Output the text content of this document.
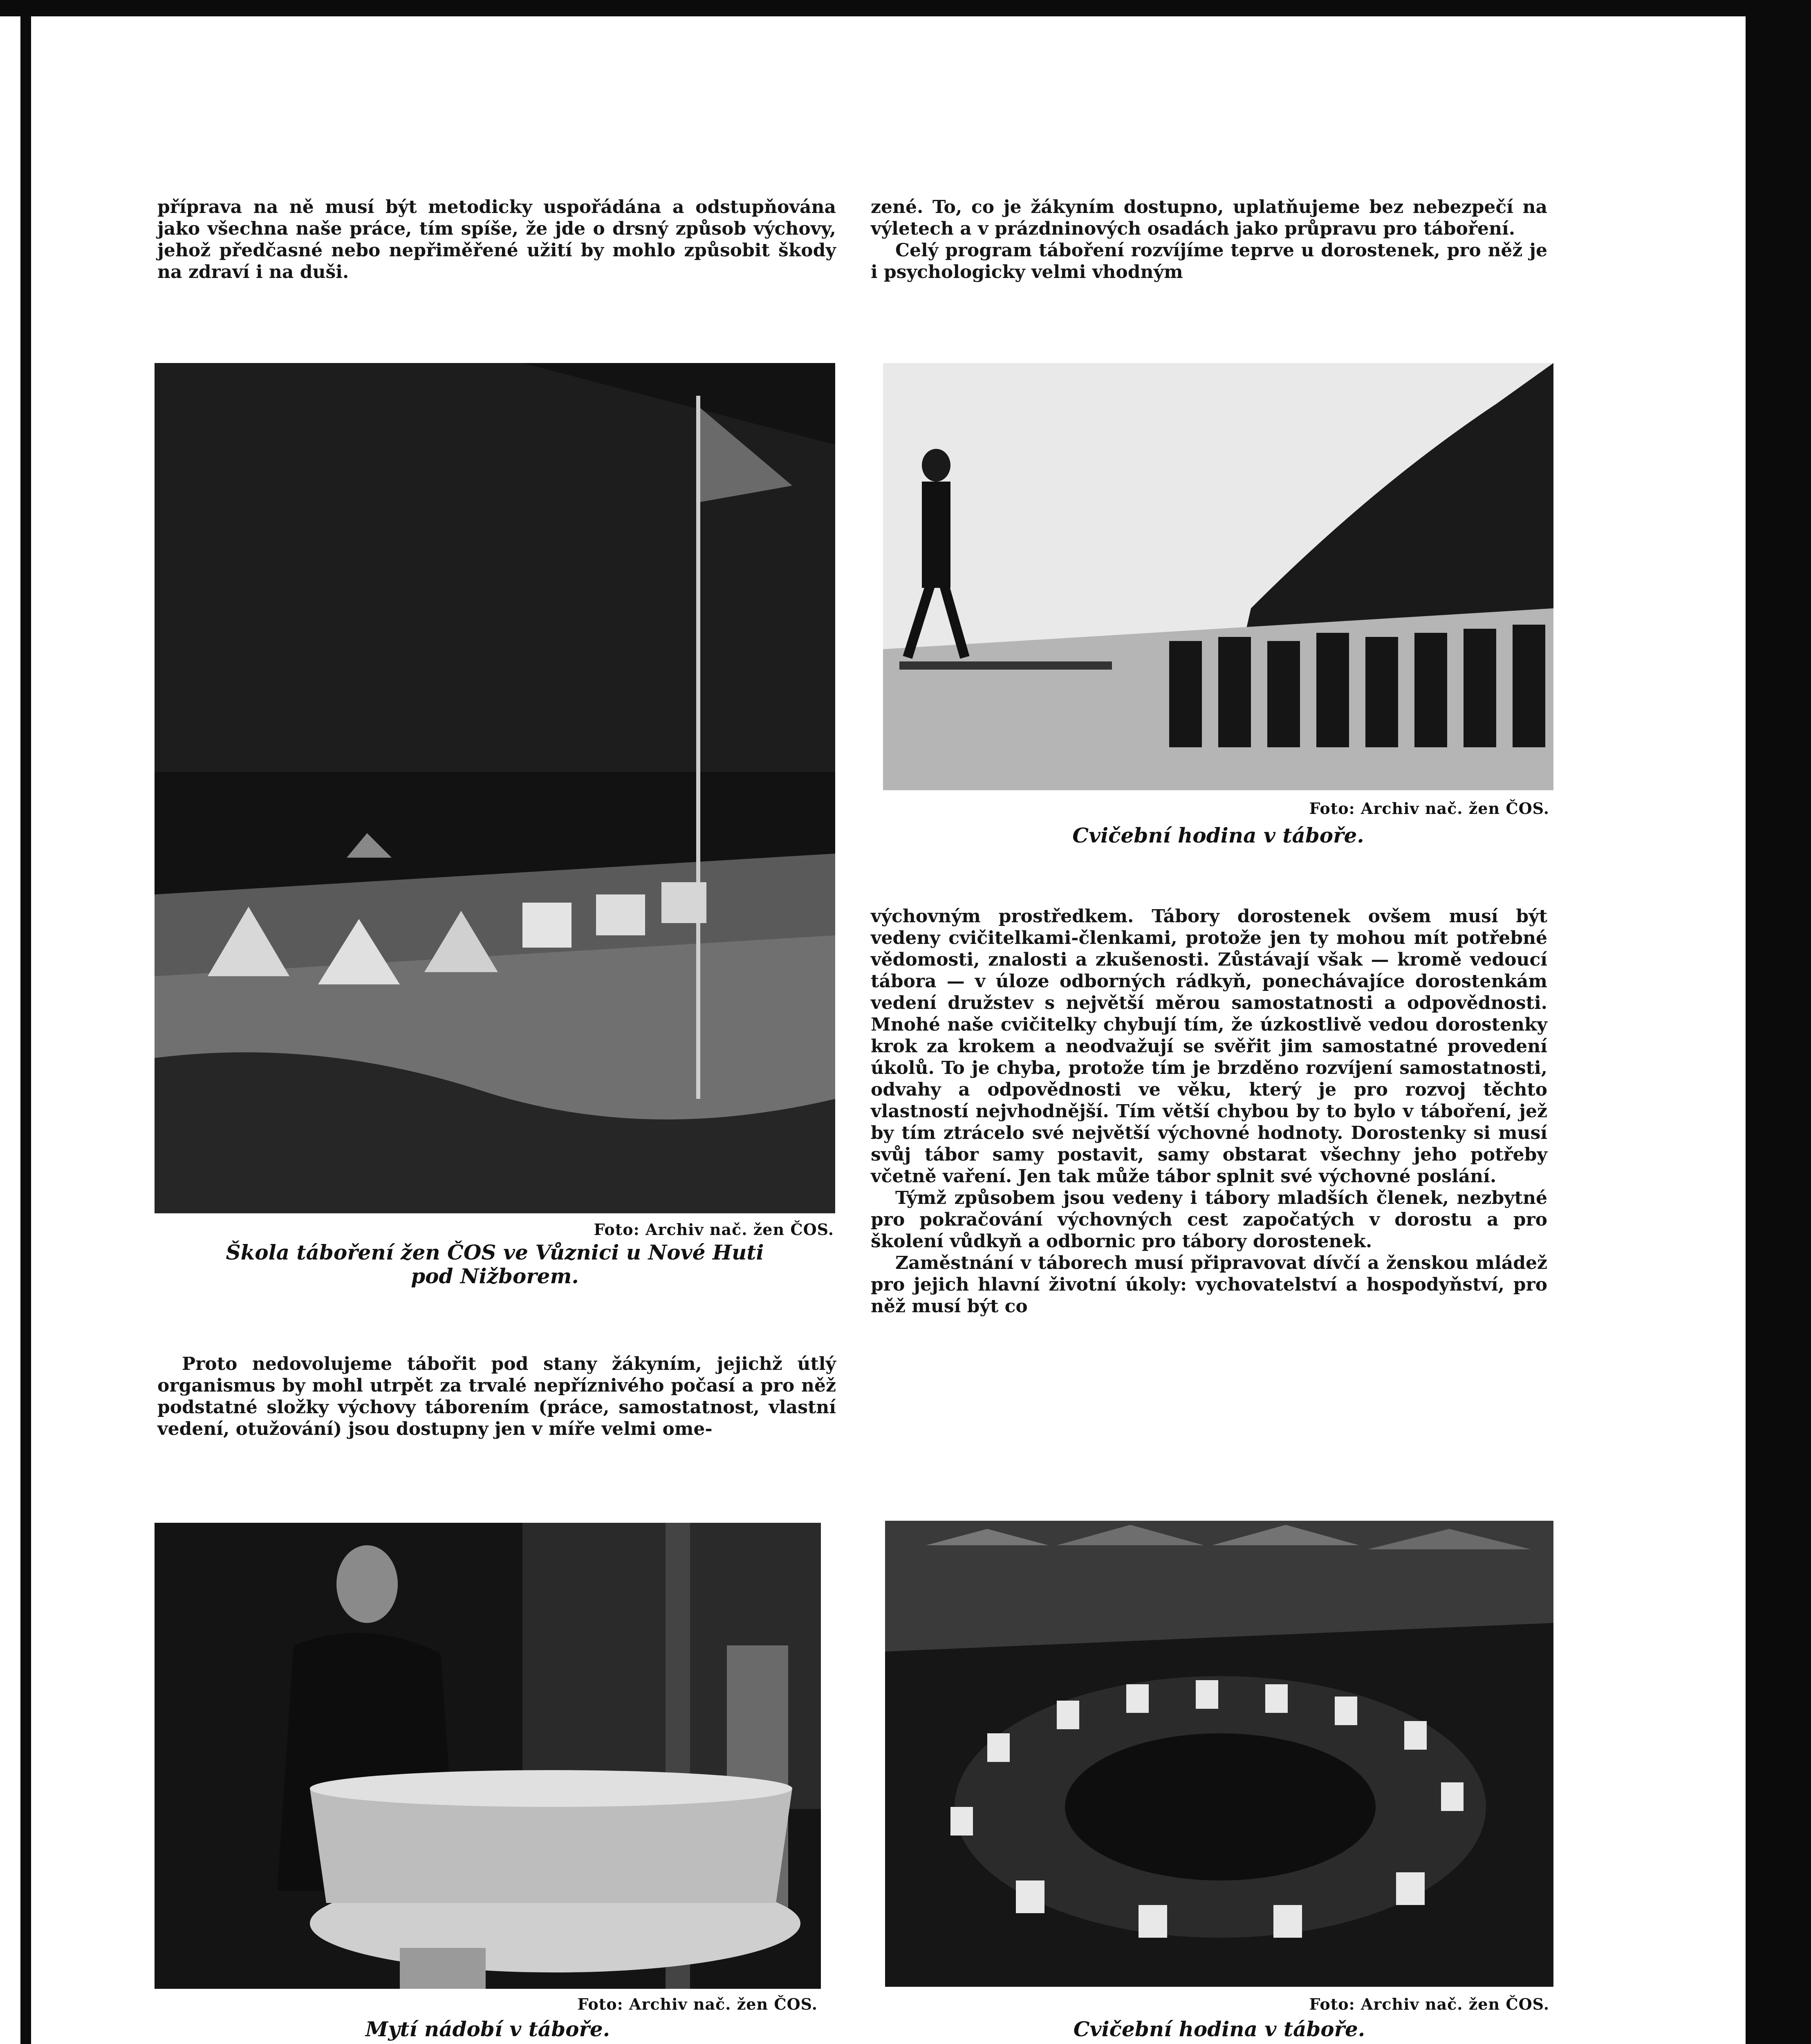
příprava na ně musí být metodicky uspořádána a odstupňována jako všechna naše práce, tím spíše, že jde o drsný způsob výchovy, jehož předčasné nebo nepřiměřené užití by mohlo způsobit škody na zdraví i na duši.

zené. To, co je žákyním dostupno, uplatňujeme bez nebezpečí na výletech a v prázdninových osadách jako průpravu pro táboření.

Celý program táboření rozvíjíme teprve u dorostenek, pro něž je i psychologicky velmi vhodným

Foto: Archiv nač. žen ČOS.
Škola táboření žen ČOS ve Vůznici u Nové Huti
pod Nižborem.
Foto: Archiv nač. žen ČOS.
Cvičební hodina v táboře.

Proto nedovolujeme tábořit pod stany žákyním, jejichž útlý organismus by mohl utrpět za trvalé nepříznivého počasí a pro něž podstatné složky výchovy táborením (práce, samostatnost, vlastní vedení, otužování) jsou dostupny jen v míře velmi ome-

výchovným prostředkem. Tábory dorostenek ovšem musí být vedeny cvičitelkami-členkami, protože jen ty mohou mít potřebné vědomosti, znalosti a zkušenosti. Zůstávají však — kromě vedoucí tábora — v úloze odborných rádkyň, ponechávajíce dorostenkám vedení družstev s největší měrou samostatnosti a odpovědnosti. Mnohé naše cvičitelky chybují tím, že úzkostlivě vedou dorostenky krok za krokem a neodvažují se svěřit jim samostatné provedení úkolů. To je chyba, protože tím je brzděno rozvíjení samostatnosti, odvahy a odpovědnosti ve věku, který je pro rozvoj těchto vlastností nejvhodnější. Tím větší chybou by to bylo v táboření, jež by tím ztrácelo své největší výchovné hodnoty. Dorostenky si musí svůj tábor samy postavit, samy obstarat všechny jeho potřeby včetně vaření. Jen tak může tábor splnit své výchovné poslání.

Týmž způsobem jsou vedeny i tábory mladších členek, nezbytné pro pokračování výchovných cest započatých v dorostu a pro školení vůdkyň a odbornic pro tábory dorostenek.

Zaměstnání v táborech musí připravovat dívčí a ženskou mládež pro jejich hlavní životní úkoly: vychovatelství a hospodyňství, pro něž musí být co

Foto: Archiv nač. žen ČOS.
Mytí nádobí v táboře.
Foto: Archiv nač. žen ČOS.
Cvičební hodina v táboře.
